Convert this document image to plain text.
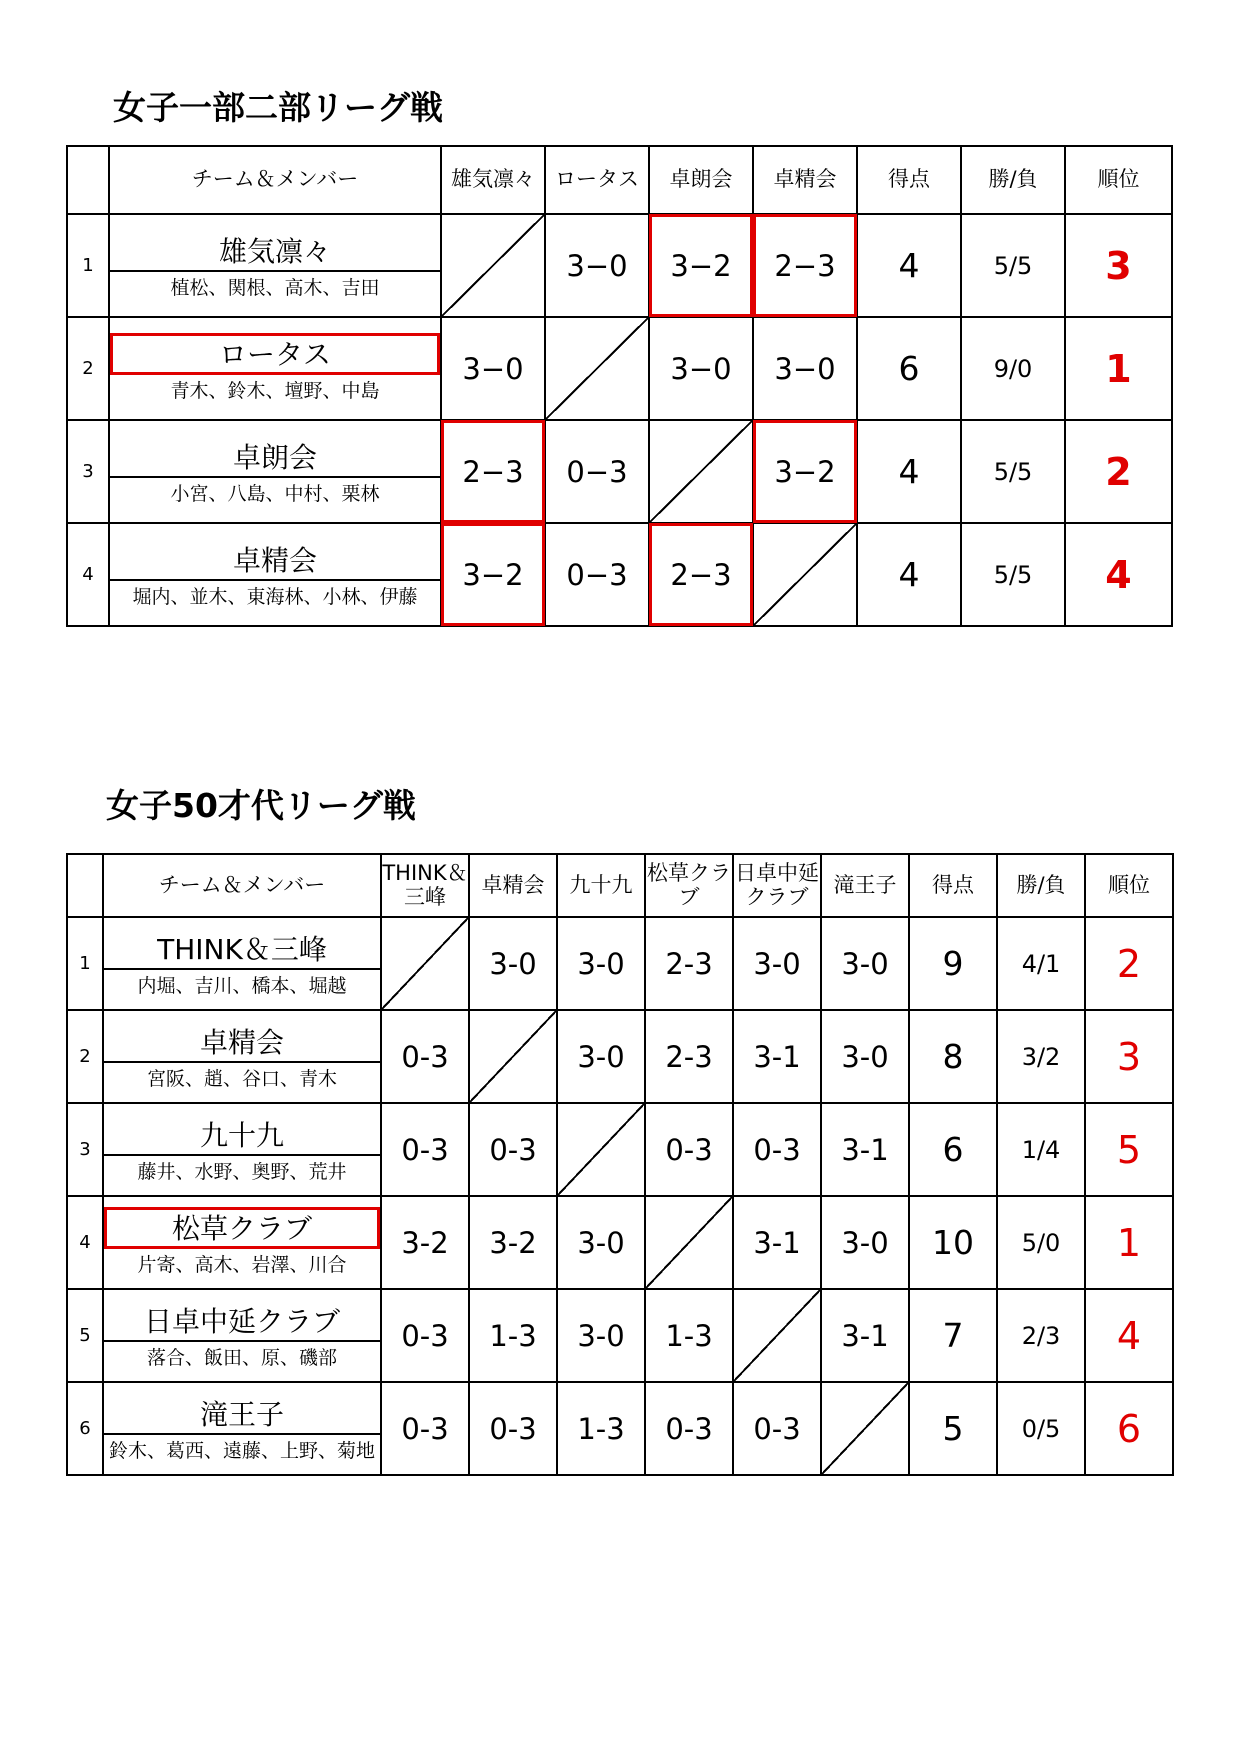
女子一部二部リーグ戦
	チーム＆メンバー	雄気凛々	ロータス	卓朗会	卓精会	得点	勝/負	順位
1	雄気凛々
植松、関根、高木、吉田		3−0	3−2	2−3	4	5/5	3
2	ロータス
青木、鈴木、壇野、中島	3−0		3−0	3−0	6	9/0	1
3	卓朗会
小宮、八島、中村、栗林	2−3	0−3		3−2	4	5/5	2
4	卓精会
堀内、並木、東海林、小林、伊藤	3−2	0−3	2−3		4	5/5	4
女子50才代リーグ戦
	チーム＆メンバー	THINK＆三峰	卓精会	九十九	松草クラブ	日卓中延クラブ	滝王子	得点	勝/負	順位
1	THINK＆三峰
内堀、吉川、橋本、堀越		3-0	3-0	2-3	3-0	3-0	9	4/1	2
2	卓精会
宮阪、趙、谷口、青木	0-3		3-0	2-3	3-1	3-0	8	3/2	3
3	九十九
藤井、水野、奥野、荒井	0-3	0-3		0-3	0-3	3-1	6	1/4	5
4	松草クラブ
片寄、高木、岩澤、川合	3-2	3-2	3-0		3-1	3-0	10	5/0	1
5	日卓中延クラブ
落合、飯田、原、磯部	0-3	1-3	3-0	1-3		3-1	7	2/3	4
6	滝王子
鈴木、葛西、遠藤、上野、菊地	0-3	0-3	1-3	0-3	0-3		5	0/5	6
